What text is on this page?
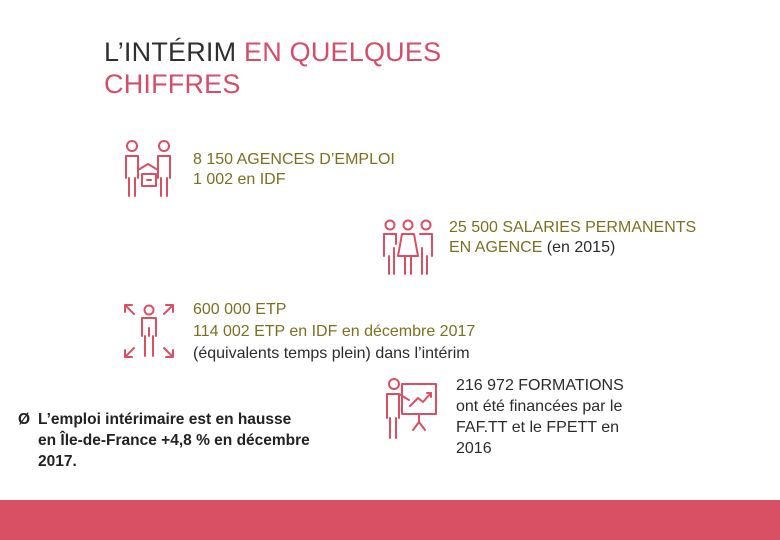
L’INTÉRIM EN QUELQUES CHIFFRES
8 150 AGENCES D’EMPLOI
1 002 en IDF
25 500 SALARIES PERMANENTS
EN AGENCE (en 2015)
600 000 ETP
114 002 ETP en IDF en décembre 2017
(équivalents temps plein) dans l’intérim
Ø L’emploi intérimaire est en hausse
en Île-de-France +4,8 % en décembre
2017.
216 972 FORMATIONS
ont été financées par le
FAF.TT et le FPETT en
2016
